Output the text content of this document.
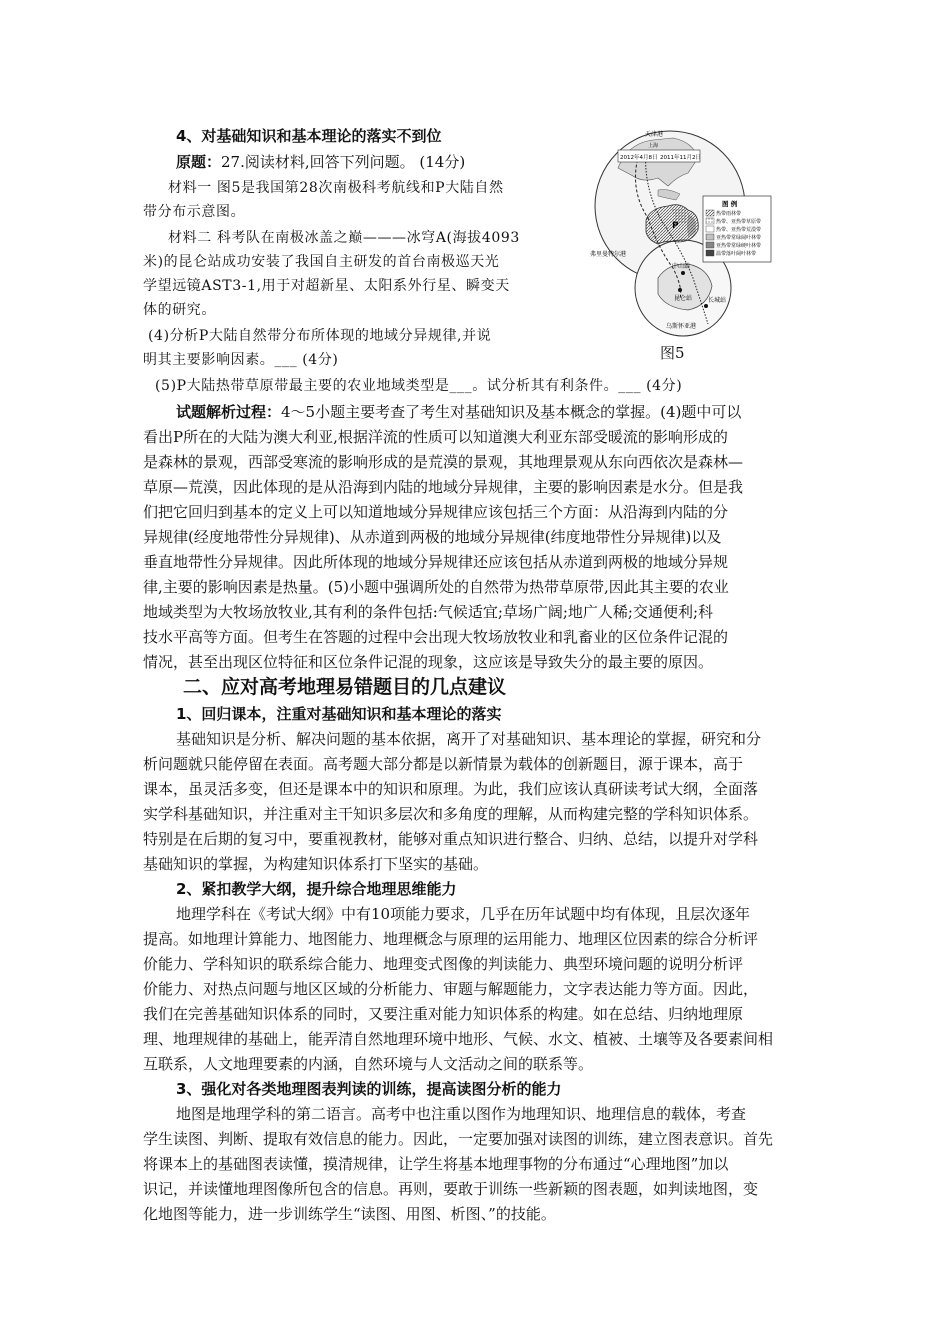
4、对基础知识和基本理论的落实不到位
原题：27.阅读材料,回答下列问题。 (14分)
材料一 图5是我国第28次南极科考航线和P大陆自然
带分布示意图。
材料二 科考队在南极冰盖之巅———冰穹A(海拔4093
米)的昆仑站成功安装了我国自主研发的首台南极巡天光
学望远镜AST3-1,用于对超新星、太阳系外行星、瞬变天
体的研究。
(4)分析P大陆自然带分布所体现的地域分异规律,并说
明其主要影响因素。___ (4分)
(5)P大陆热带草原带最主要的农业地域类型是___。试分析其有利条件。___ (4分)
天津港
上海
2012年4月8日 2011年11月2日
P
弗里曼特尔港
中山站
昆仑站	长城站
乌斯怀亚港
图 例
热带雨林带
热带、亚热带草原带
热带、亚热带荒漠带
亚热带常绿阔叶林带
亚热带常绿硬叶林带
温带落叶阔叶林带
图5
试题解析过程：4～5小题主要考查了考生对基础知识及基本概念的掌握。(4)题中可以
看出P所在的大陆为澳大利亚,根据洋流的性质可以知道澳大利亚东部受暖流的影响形成的
是森林的景观，西部受寒流的影响形成的是荒漠的景观，其地理景观从东向西依次是森林—
草原—荒漠，因此体现的是从沿海到内陆的地域分异规律，主要的影响因素是水分。但是我
们把它回归到基本的定义上可以知道地域分异规律应该包括三个方面：从沿海到内陆的分
异规律(经度地带性分异规律)、从赤道到两极的地域分异规律(纬度地带性分异规律)以及
垂直地带性分异规律。因此所体现的地域分异规律还应该包括从赤道到两极的地域分异规
律,主要的影响因素是热量。(5)小题中强调所处的自然带为热带草原带,因此其主要的农业
地域类型为大牧场放牧业,其有利的条件包括:气候适宜;草场广阔;地广人稀;交通便利;科
技水平高等方面。但考生在答题的过程中会出现大牧场放牧业和乳畜业的区位条件记混的
情况，甚至出现区位特征和区位条件记混的现象，这应该是导致失分的最主要的原因。
二、应对高考地理易错题目的几点建议
1、回归课本，注重对基础知识和基本理论的落实
基础知识是分析、解决问题的基本依据，离开了对基础知识、基本理论的掌握，研究和分
析问题就只能停留在表面。高考题大部分都是以新情景为载体的创新题目，源于课本，高于
课本，虽灵活多变，但还是课本中的知识和原理。为此，我们应该认真研读考试大纲，全面落
实学科基础知识，并注重对主干知识多层次和多角度的理解，从而构建完整的学科知识体系。
特别是在后期的复习中，要重视教材，能够对重点知识进行整合、归纳、总结，以提升对学科
基础知识的掌握，为构建知识体系打下坚实的基础。
2、紧扣教学大纲，提升综合地理思维能力
地理学科在《考试大纲》中有10项能力要求，几乎在历年试题中均有体现，且层次逐年
提高。如地理计算能力、地图能力、地理概念与原理的运用能力、地理区位因素的综合分析评
价能力、学科知识的联系综合能力、地理变式图像的判读能力、典型环境问题的说明分析评
价能力、对热点问题与地区区域的分析能力、审题与解题能力，文字表达能力等方面。因此，
我们在完善基础知识体系的同时，又要注重对能力知识体系的构建。如在总结、归纳地理原
理、地理规律的基础上，能弄清自然地理环境中地形、气候、水文、植被、土壤等及各要素间相
互联系，人文地理要素的内涵，自然环境与人文活动之间的联系等。
3、强化对各类地理图表判读的训练，提高读图分析的能力
地图是地理学科的第二语言。高考中也注重以图作为地理知识、地理信息的载体，考查
学生读图、判断、提取有效信息的能力。因此，一定要加强对读图的训练，建立图表意识。首先
将课本上的基础图表读懂，摸清规律，让学生将基本地理事物的分布通过“心理地图”加以
识记，并读懂地理图像所包含的信息。再则，要敢于训练一些新颖的图表题，如判读地图，变
化地图等能力，进一步训练学生“读图、用图、析图、”的技能。
